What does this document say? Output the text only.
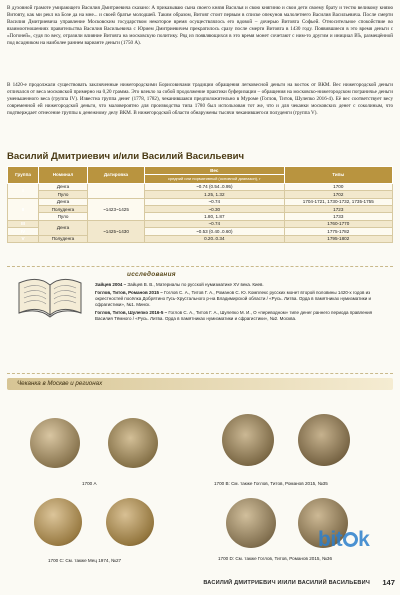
В духовной грамоте умирающего Василия Дмитриевича сказано: А приказываю сына своего князя Василья и свою княгиню и свои дети своему брату и тестю великому князю Витовту, как ми рекл на Бозе да на мне... и своей братье молодшей. Таким образом, Витовт стоит первым в списке опекунов малолетнего Василия Васильевича. После смерти Василия Дмитриевича управление Московским государством некоторое время осуществлялось его вдовой – дочерью Витовта Софьей. Относительное спокойствие во взаимоотношениях правительства Василия Васильевича с Юрием Дмитриевичем прекратилось сразу после смерти Витовта в 1430 году. Появившиеся в это время деньги с «Погоней», судя по весу, отразили влияние Витовта на московскую политику. Ряд из появляющихся в это время монет сочетают с ним-то другим и инициал ВЪ, размещённой под всадником на наиболее раннем варианте деньги (1750 А).

В 1420-е продолжали существовать заключенные нижегородскими Борисовичами традиции обращения легковесной деньги на восток от ВКМ. Вес нижегородской деньги отличался от веса московской примерно на 0,20 грамма. Это влекло за собой продолжение практики буферизации – обращения на московско-нижегородском пограничье деньги уменьшенного веса (группа IV). Известна группа денег (1778, 1782), чеканившаяся предположительно в Муроме (Гоглов, Титов, Шулепко 2016-4). Её вес соответствует весу современной ей нижегородской деньги, что маловероятно для производства типа 1780 был использован тот же, что и для чеканки московских денег с соколиным, что подтверждает отнесение группы к денежному делу ВКМ. В нижегородской области обнаружены тысячи чеканившегося полуденги (группа V).

Василий Дмитриевич и/или Василий Васильевич
Группа	Номинал	Датировка	Вес	Типы
			средний или нормативный (основной диапазон), г	
I	Денга		~0.74 (0.54..0.95)	1700
	Пуло		1.25, 1.32	1702
II	Денга	~1423~1425	~0.74	1704-1721, 1730-1732, 1735-1755
	Полуденга		~0.30	1723
	Пуло		1.80, 1.87	1733
III	Денга	~1425~1430	~0.74	1760-1770
IV			~0.53 (0.40..0.60)	1775-1782
V	Полуденга		0.20..0.34	1795-1802

исследования

Зайцев 2004 – Зайцев В. В., Материалы по русской нумизматике XV века. Киев.
Гоглов, Титов, Романов 2015 – Гоглов С. А., Титов Г. А., Романов С. Ю. Комплекс русских монет второй половины 1420-х годов из окрестностей посёлка Добрятино Гусь-Хрустального р-на Владимирской области / «Русь. Литва. Орда в памятниках нумизматики и сфрагистики», №1. Минск.
Гоглов, Титов, Шулепко 2016-5 – Гоглов С. А., Титов Г. А., Шулепко М. И., О «переводном» типе денег раннего периода правления Василия Тёмного / «Русь. Литва. Орда в памятниках нумизматики и сфрагистики», №2. Москва.
Чеканка в Москве и регионах

1700 А	1700 В: См. также Гоглов, Титов, Романов 2015, №35

1700 С: См. также Мец 1974, №27	1700 D: См. также Гоглов, Титов, Романов 2015, №36

bit k
ВАСИЛИЙ ДМИТРИЕВИЧ И/ИЛИ ВАСИЛИЙ ВАСИЛЬЕВИЧ 147
